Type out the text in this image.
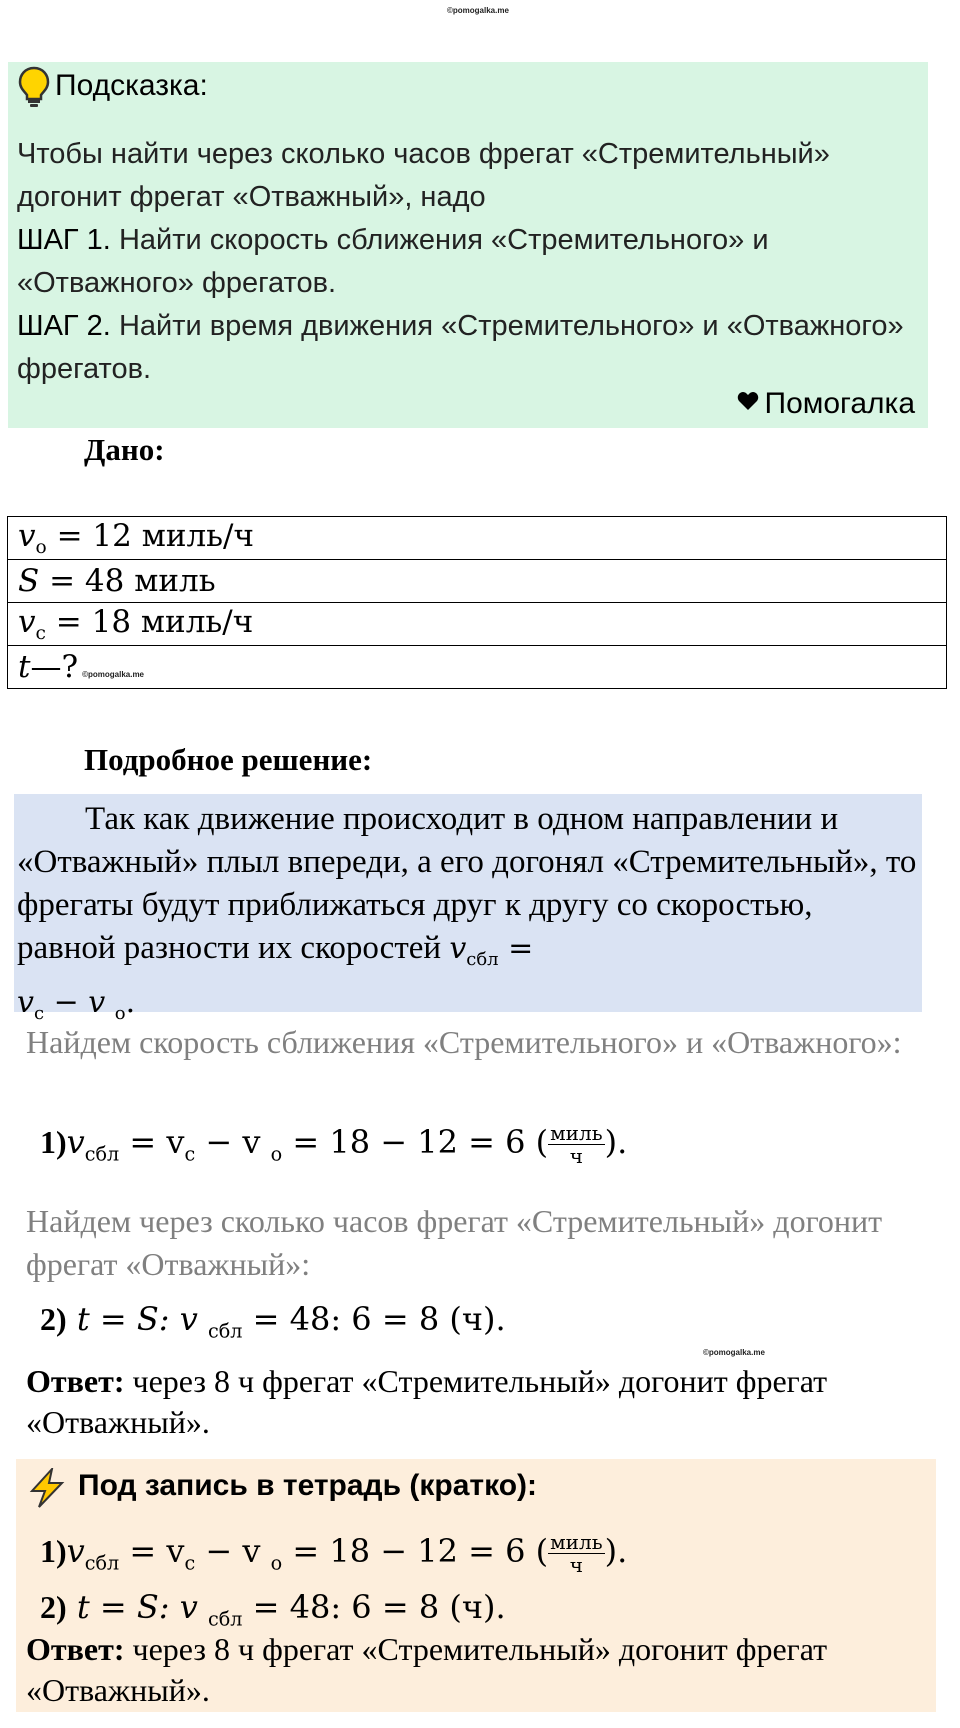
©pomogalka.me
Подсказка:
Чтобы найти через сколько часов фрегат «Стремительный» догонит фрегат «Отважный», надо
ШАГ 1. Найти скорость сближения «Стремительного» и «Отважного» фрегатов.
ШАГ 2. Найти время движения «Стремительного» и «Отважного» фрегатов.
Помогалка
Дано:
$v_о = 12$ миль/ч
S = 48 миль
$v_с = 18$ миль/ч
t—? ©pomogalka.me
Подробное решение:
Так как движение происходит в одном направлении и «Отважный» плыл впереди, а его догонял «Стремительный», то фрегаты будут приближаться друг к другу со скоростью, равной разности их скоростей $v_{сбл}$ =
$v_с - v$ $_о$.
Найдем скорость сближения «Стремительного» и «Отважного»:
$1)v_{сбл} = v_с - v$ $_о$ = 18 − 12 = 6 ( $\frac{\text{миль}}{ч}$ ).
Найдем через сколько часов фрегат «Стремительный» догонит фрегат «Отважный»:
2) t = S: v $_{сбл}$ = 48: 6 = 8 (ч).
©pomogalka.me
Ответ: через 8 ч фрегат «Стремительный» догонит фрегат «Отважный».
Под запись в тетрадь (кратко):
$1)v_{сбл} = v_с - v$ $_о$ = 18 − 12 = 6 ( $\frac{\text{миль}}{ч}$ ).
2) t = S: v $_{сбл}$ = 48: 6 = 8 (ч).
Ответ: через 8 ч фрегат «Стремительный» догонит фрегат «Отважный».
